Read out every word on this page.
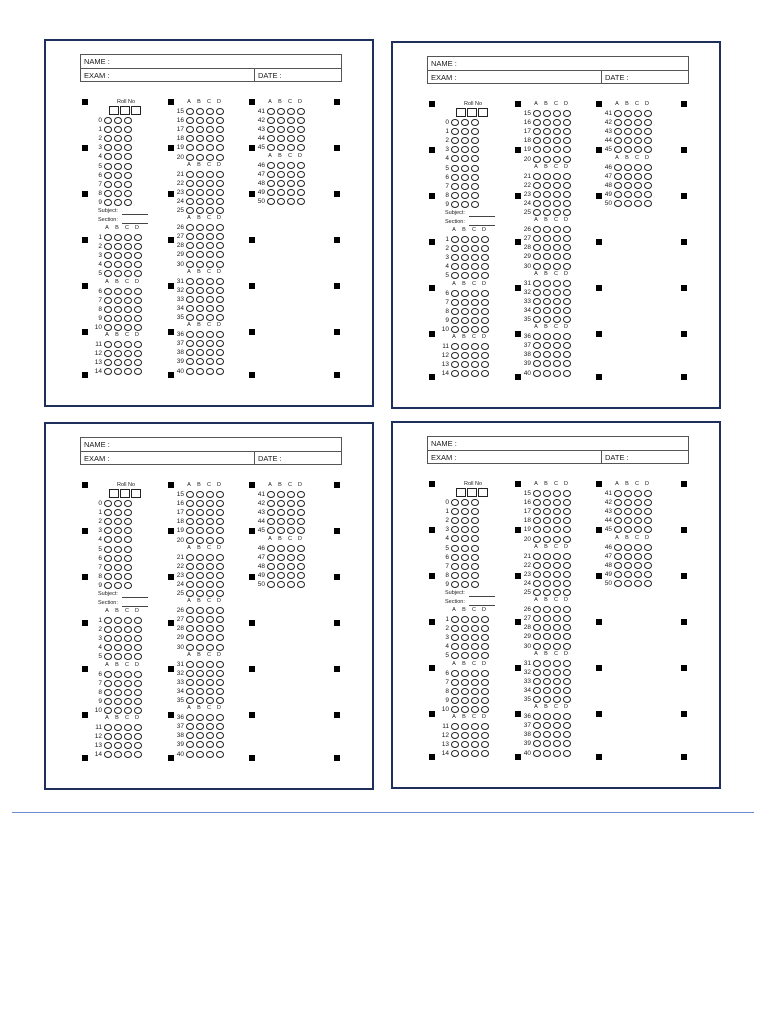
NAME :
EXAM :	DATE :
Roll No
0
1
2
3
4
5
6
7
8
9
Subject:
Section:
A B C D
1
2
3
4
5
A B C D
6
7
8
9
10
A B C D
11
12
13
14
A B C D
15
16
17
18
19
20
A B C D
21
22
23
24
25
A B C D
26
27
28
29
30
A B C D
31
32
33
34
35
A B C D
36
37
38
39
40
A B C D
41
42
43
44
45
A B C D
46
47
48
49
50
NAME :
EXAM :	DATE :
Roll No
0
1
2
3
4
5
6
7
8
9
Subject:
Section:
A B C D
1
2
3
4
5
A B C D
6
7
8
9
10
A B C D
11
12
13
14
A B C D
15
16
17
18
19
20
A B C D
21
22
23
24
25
A B C D
26
27
28
29
30
A B C D
31
32
33
34
35
A B C D
36
37
38
39
40
A B C D
41
42
43
44
45
A B C D
46
47
48
49
50
NAME :
EXAM :	DATE :
Roll No
0
1
2
3
4
5
6
7
8
9
Subject:
Section:
A B C D
1
2
3
4
5
A B C D
6
7
8
9
10
A B C D
11
12
13
14
A B C D
15
16
17
18
19
20
A B C D
21
22
23
24
25
A B C D
26
27
28
29
30
A B C D
31
32
33
34
35
A B C D
36
37
38
39
40
A B C D
41
42
43
44
45
A B C D
46
47
48
49
50
NAME :
EXAM :	DATE :
Roll No
0
1
2
3
4
5
6
7
8
9
Subject:
Section:
A B C D
1
2
3
4
5
A B C D
6
7
8
9
10
A B C D
11
12
13
14
A B C D
15
16
17
18
19
20
A B C D
21
22
23
24
25
A B C D
26
27
28
29
30
A B C D
31
32
33
34
35
A B C D
36
37
38
39
40
A B C D
41
42
43
44
45
A B C D
46
47
48
49
50
